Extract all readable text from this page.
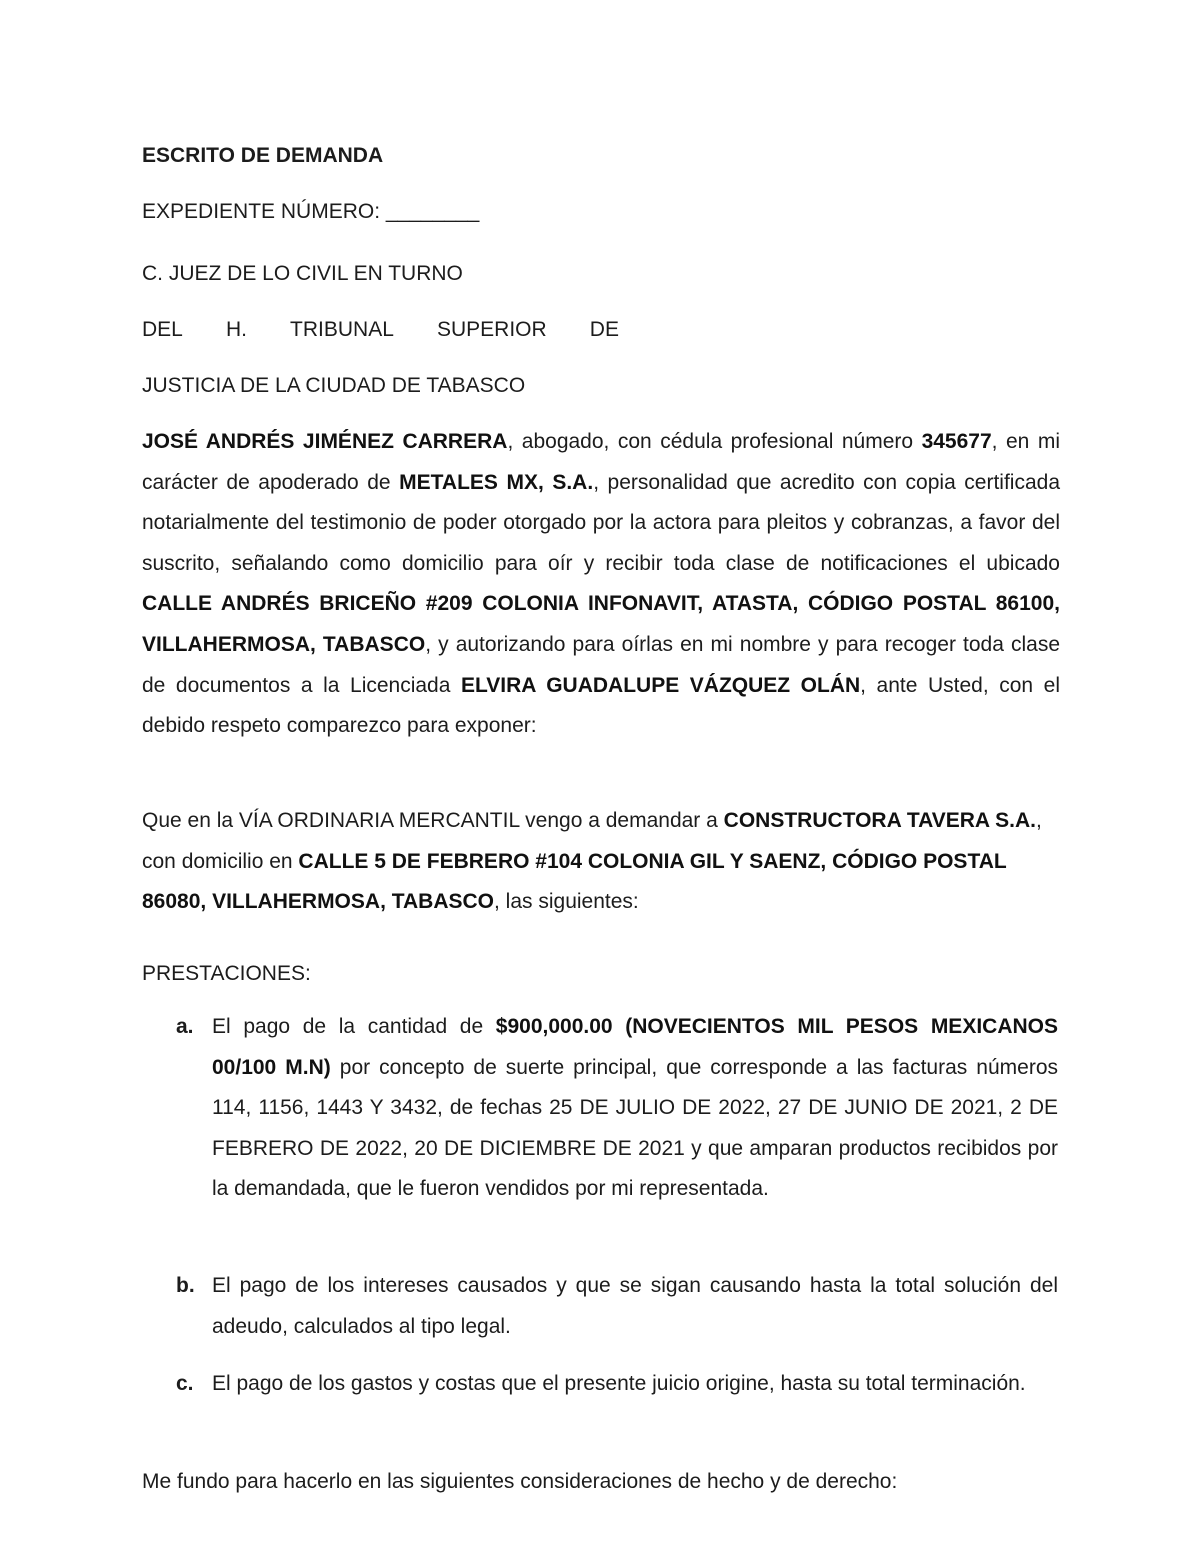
ESCRITO DE DEMANDA
EXPEDIENTE NÚMERO: ________
C. JUEZ DE LO CIVIL EN TURNO
DEL H. TRIBUNAL SUPERIOR DE
JUSTICIA DE LA CIUDAD DE TABASCO

JOSÉ ANDRÉS JIMÉNEZ CARRERA, abogado, con cédula profesional número 345677, en mi carácter de apoderado de METALES MX, S.A., personalidad que acredito con copia certificada notarialmente del testimonio de poder otorgado por la actora para pleitos y cobranzas, a favor del suscrito, señalando como domicilio para oír y recibir toda clase de notificaciones el ubicado CALLE ANDRÉS BRICEÑO #209 COLONIA INFONAVIT, ATASTA, CÓDIGO POSTAL 86100, VILLAHERMOSA, TABASCO, y autorizando para oírlas en mi nombre y para recoger toda clase de documentos a la Licenciada ELVIRA GUADALUPE VÁZQUEZ OLÁN, ante Usted, con el debido respeto comparezco para exponer:

Que en la VÍA ORDINARIA MERCANTIL vengo a demandar a CONSTRUCTORA TAVERA S.A., con domicilio en CALLE 5 DE FEBRERO #104 COLONIA GIL Y SAENZ, CÓDIGO POSTAL 86080, VILLAHERMOSA, TABASCO, las siguientes:

PRESTACIONES:
a. El pago de la cantidad de $900,000.00 (NOVECIENTOS MIL PESOS MEXICANOS 00/100 M.N) por concepto de suerte principal, que corresponde a las facturas números 114, 1156, 1443 Y 3432, de fechas 25 DE JULIO DE 2022, 27 DE JUNIO DE 2021, 2 DE FEBRERO DE 2022, 20 DE DICIEMBRE DE 2021 y que amparan productos recibidos por la demandada, que le fueron vendidos por mi representada.
b. El pago de los intereses causados y que se sigan causando hasta la total solución del adeudo, calculados al tipo legal.
c. El pago de los gastos y costas que el presente juicio origine, hasta su total terminación.
Me fundo para hacerlo en las siguientes consideraciones de hecho y de derecho:
